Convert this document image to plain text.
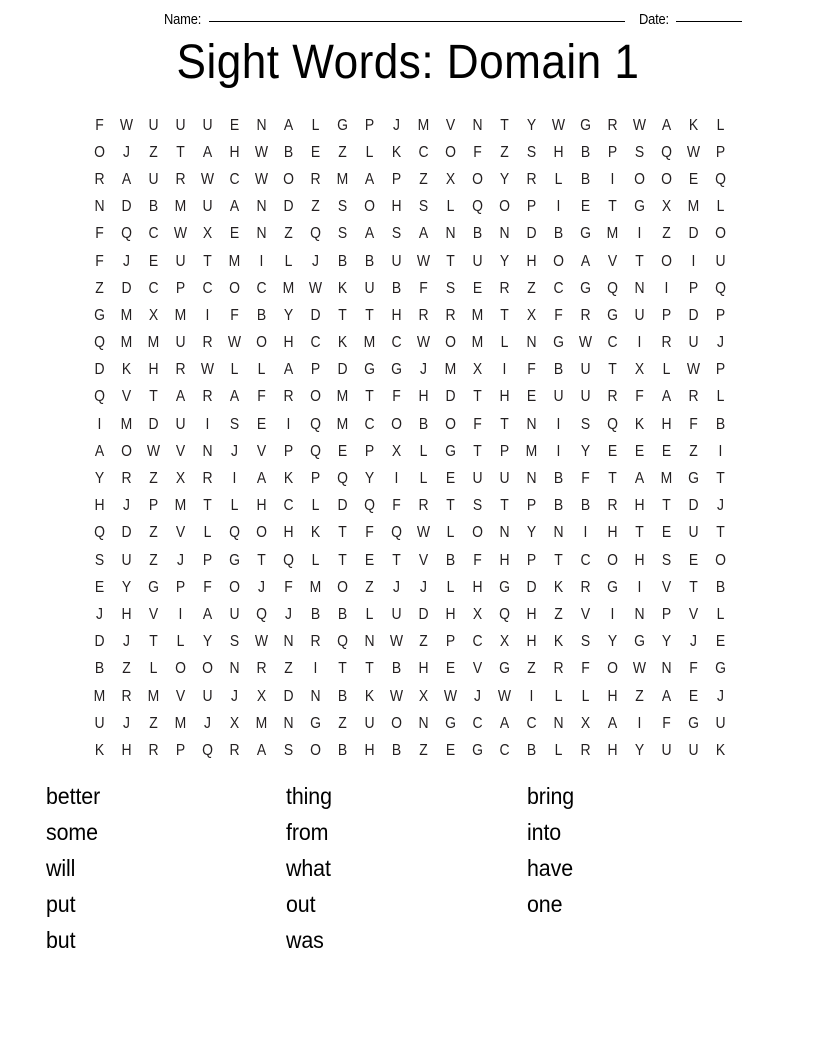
Name:	Date:
Sight Words: Domain 1
F	W U	U	U	E	N	A	L	G	P	J	M	V	N	T	Y	W G	R W	A	K	L
O	J	Z	T	A	H W	B	E	Z	L	K	C	O	F	Z	S	H	B	P	S	Q W	P
R	A	U	R W C W O	R	M	A	P	Z	X	O	Y	R	L	B	I	O	O	E	Q
N	D	B	M	U	A	N	D	Z	S	O	H	S	L	Q	O	P	I	E	T	G	X	M	L
F	Q	C W	X	E	N	Z	Q	S	A	S	A	N	B	N	D	B	G	M	I	Z	D	O
F	J	E	U	T	M	I	L	J	B	B	U W	T	U	Y	H	O	A	V	T	O	I	U
Z	D	C	P	C	O	C	M W	K	U	B	F	S	E	R	Z	C	G	Q	N	I	P	Q
G	M	X	M	I	F	B	Y	D	T	T	H	R	R	M	T	X	F	R	G	U	P	D	P
Q	M M	U	R W O	H	C	K	M	C W O	M	L	N	G W C	I	R	U	J
D	K	H	R W	L	L	A	P	D	G	G	J	M	X	I	F	B	U	T	X	L	W	P
Q	V	T	A	R	A	F	R	O	M	T	F	H	D	T	H	E	U	U	R	F	A	R	L
I	M	D	U	I	S	E	I	Q	M	C	O	B	O	F	T	N	I	S	Q	K	H	F	B
A	O W	V	N	J	V	P	Q	E	P	X	L	G	T	P	M	I	Y	E	E	E	Z	I
Y	R	Z	X	R	I	A	K	P	Q	Y	I	L	E	U	U	N	B	F	T	A	M	G	T
H	J	P	M	T	L	H	C	L	D	Q	F	R	T	S	T	P	B	B	R	H	T	D	J
Q	D	Z	V	L	Q	O	H	K	T	F	Q W	L	O	N	Y	N	I	H	T	E	U	T
S	U	Z	J	P	G	T	Q	L	T	E	T	V	B	F	H	P	T	C	O	H	S	E	O
E	Y	G	P	F	O	J	F	M	O	Z	J	J	L	H	G	D	K	R	G	I	V	T	B
J	H	V	I	A	U	Q	J	B	B	L	U	D	H	X	Q	H	Z	V	I	N	P	V	L
D	J	T	L	Y	S	W N	R	Q	N W	Z	P	C	X	H	K	S	Y	G	Y	J	E
B	Z	L	O	O	N	R	Z	I	T	T	B	H	E	V	G	Z	R	F	O W N	F	G
M	R	M	V	U	J	X	D	N	B	K	W	X	W	J	W	I	L	L	H	Z	A	E	J
U	J	Z	M	J	X	M	N	G	Z	U	O	N	G	C	A	C	N	X	A	I	F	G	U
K	H	R	P	Q	R	A	S	O	B	H	B	Z	E	G	C	B	L	R	H	Y	U	U	K
better
some
will
put
but
thing
from
what
out
was
bring
into
have
one
